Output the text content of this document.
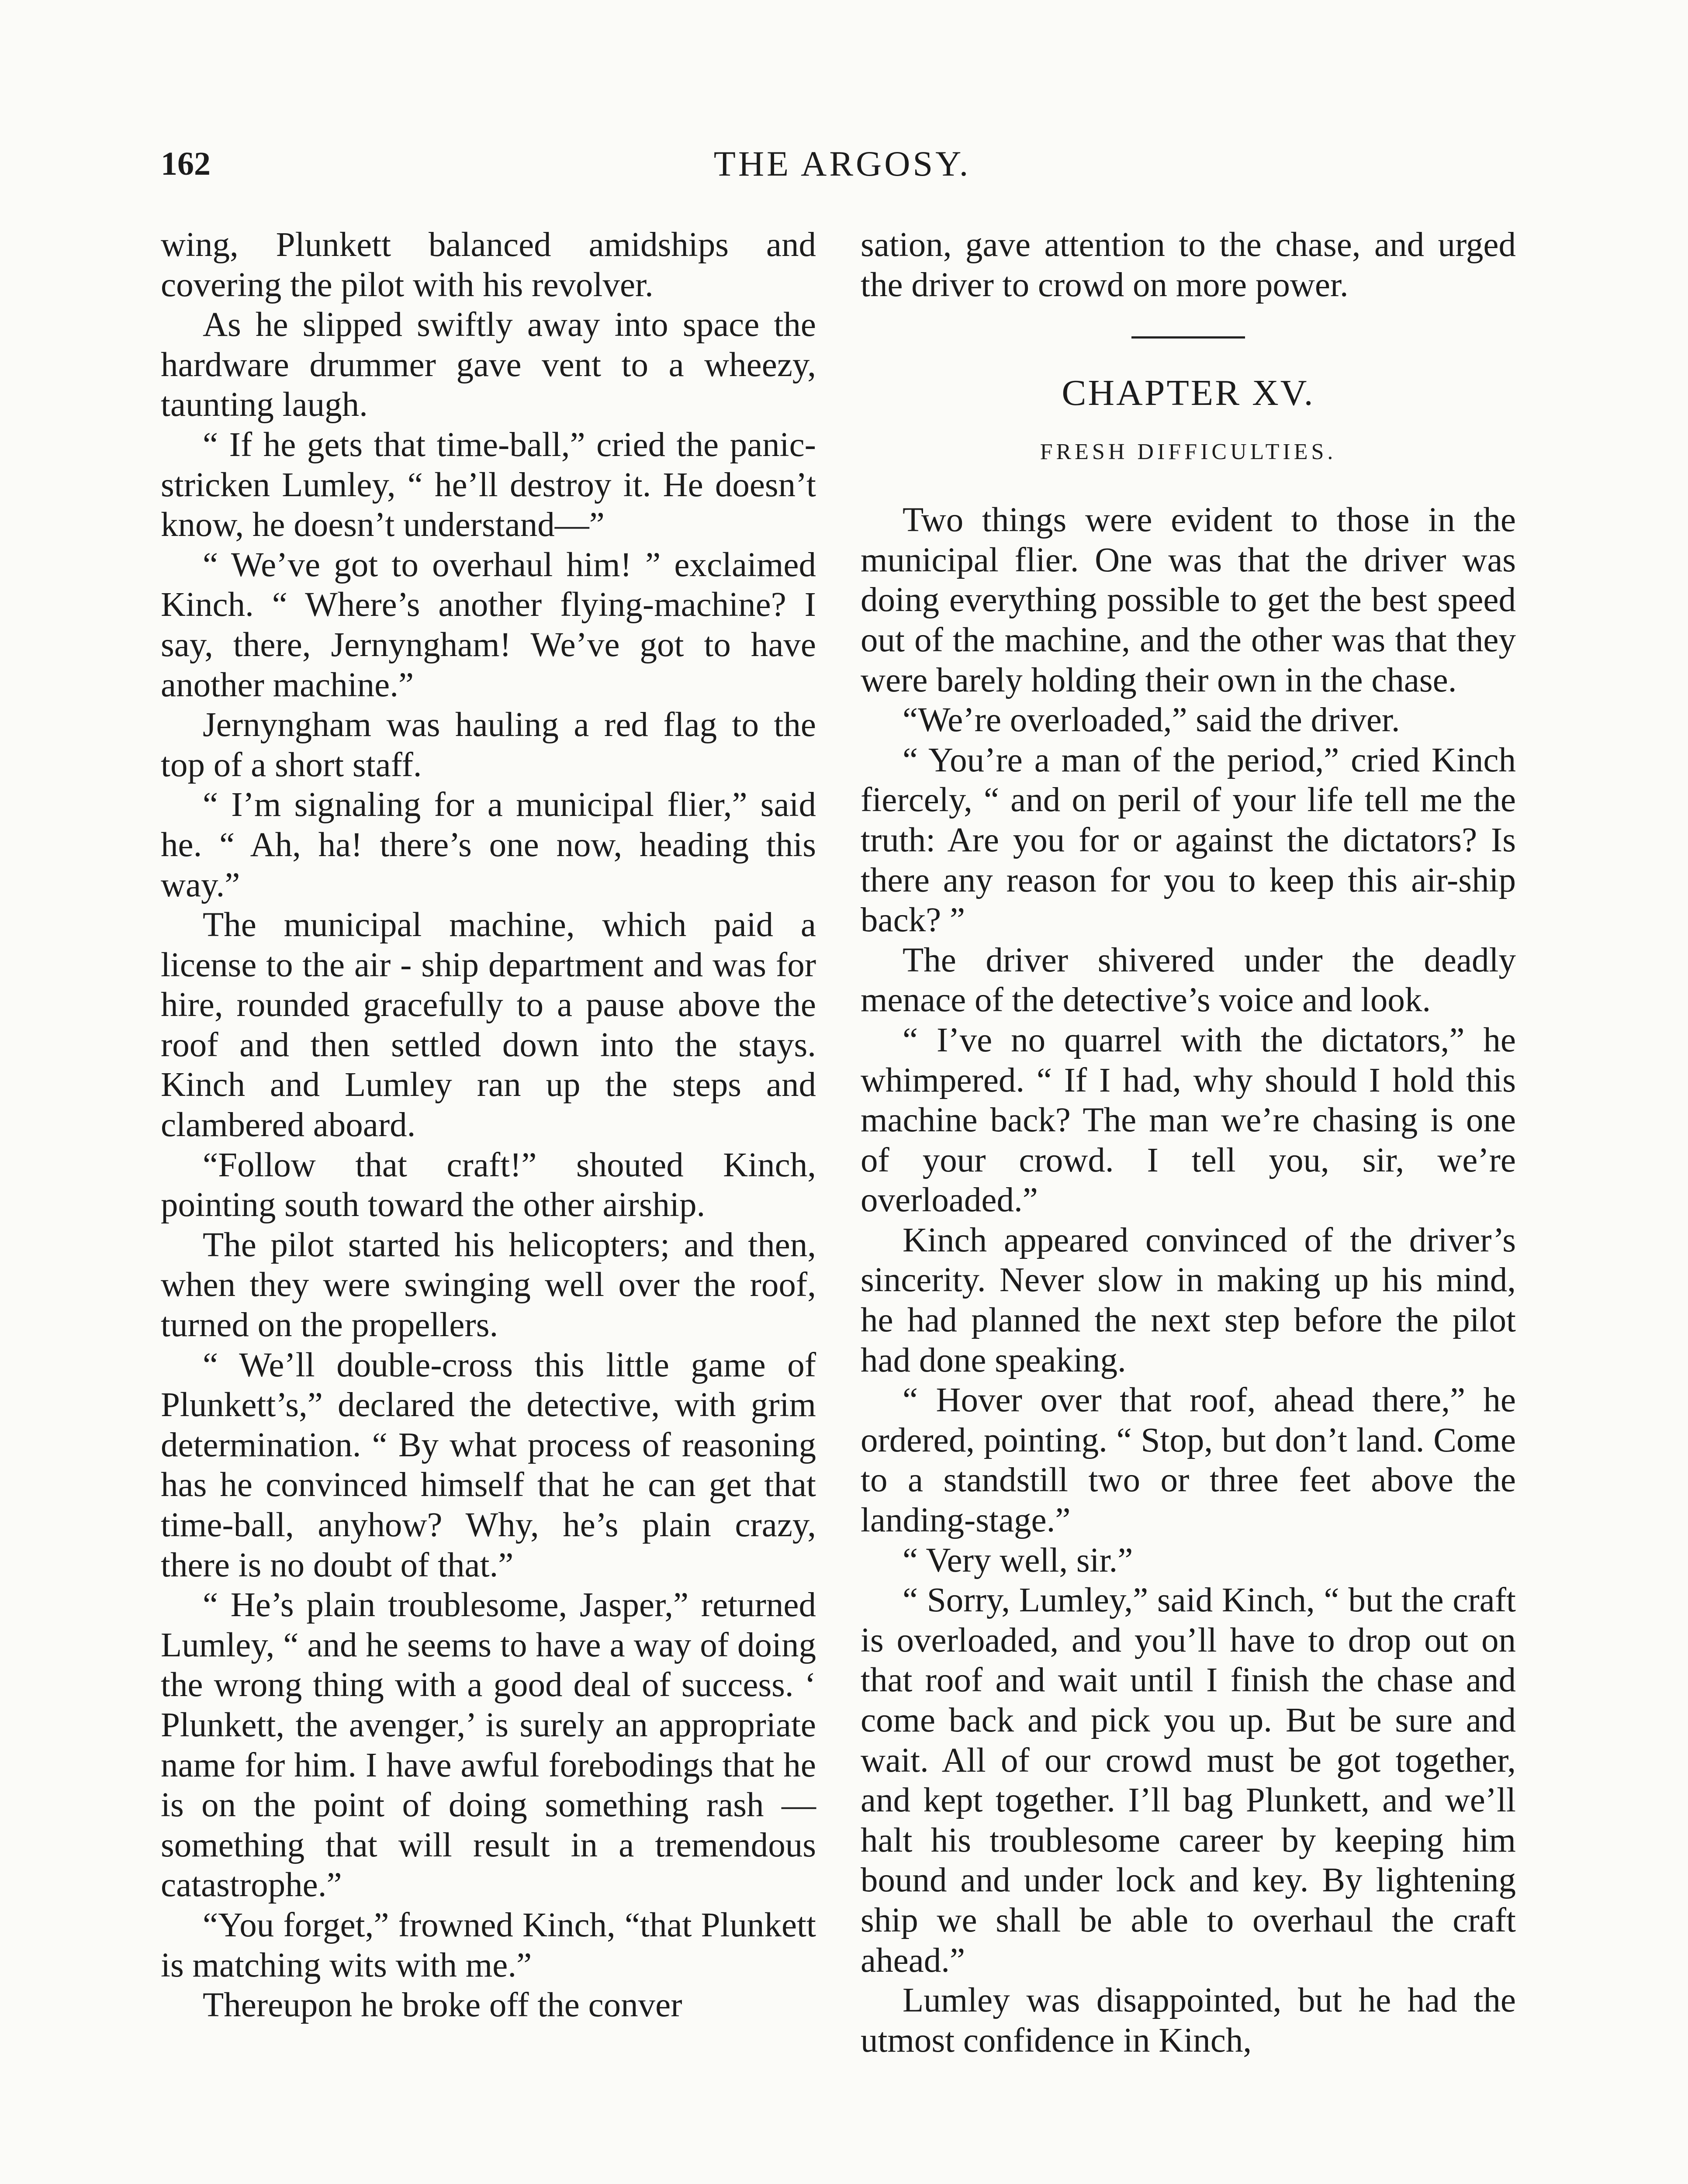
162	THE ARGOSY.

wing, Plunkett balanced amidships and covering the pilot with his revolver.

As he slipped swiftly away into space the hardware drummer gave vent to a wheezy, taunting laugh.

“ If he gets that time-ball,” cried the panic-stricken Lumley, “ he’ll destroy it. He doesn’t know, he doesn’t understand—”

“ We’ve got to overhaul him! ” exclaimed Kinch. “ Where’s another flying-machine? I say, there, Jernyngham! We’ve got to have another machine.”

Jernyngham was hauling a red flag to the top of a short staff.

“ I’m signaling for a municipal flier,” said he. “ Ah, ha! there’s one now, heading this way.”

The municipal machine, which paid a license to the air - ship department and was for hire, rounded gracefully to a pause above the roof and then settled down into the stays. Kinch and Lumley ran up the steps and clambered aboard.

“Follow that craft!” shouted Kinch, pointing south toward the other airship.

The pilot started his helicopters; and then, when they were swinging well over the roof, turned on the propellers.

“ We’ll double-cross this little game of Plunkett’s,” declared the detective, with grim determination. “ By what process of reasoning has he convinced himself that he can get that time-ball, anyhow? Why, he’s plain crazy, there is no doubt of that.”

“ He’s plain troublesome, Jasper,” returned Lumley, “ and he seems to have a way of doing the wrong thing with a good deal of success. ‘ Plunkett, the avenger,’ is surely an appropriate name for him. I have awful forebodings that he is on the point of doing something rash — something that will result in a tremendous catastrophe.”

“You forget,” frowned Kinch, “that Plunkett is matching wits with me.”

Thereupon he broke off the conver

sation, gave attention to the chase, and urged the driver to crowd on more power.

CHAPTER XV.
FRESH DIFFICULTIES.

Two things were evident to those in the municipal flier. One was that the driver was doing everything possible to get the best speed out of the machine, and the other was that they were barely holding their own in the chase.

“We’re overloaded,” said the driver.

“ You’re a man of the period,” cried Kinch fiercely, “ and on peril of your life tell me the truth: Are you for or against the dictators? Is there any reason for you to keep this air-ship back? ”

The driver shivered under the deadly menace of the detective’s voice and look.

“ I’ve no quarrel with the dictators,” he whimpered. “ If I had, why should I hold this machine back? The man we’re chasing is one of your crowd. I tell you, sir, we’re overloaded.”

Kinch appeared convinced of the driver’s sincerity. Never slow in making up his mind, he had planned the next step before the pilot had done speaking.

“ Hover over that roof, ahead there,” he ordered, pointing. “ Stop, but don’t land. Come to a standstill two or three feet above the landing-stage.”

“ Very well, sir.”

“ Sorry, Lumley,” said Kinch, “ but the craft is overloaded, and you’ll have to drop out on that roof and wait until I finish the chase and come back and pick you up. But be sure and wait. All of our crowd must be got together, and kept together. I’ll bag Plunkett, and we’ll halt his troublesome career by keeping him bound and under lock and key. By lightening ship we shall be able to overhaul the craft ahead.”

Lumley was disappointed, but he had the utmost confidence in Kinch,
